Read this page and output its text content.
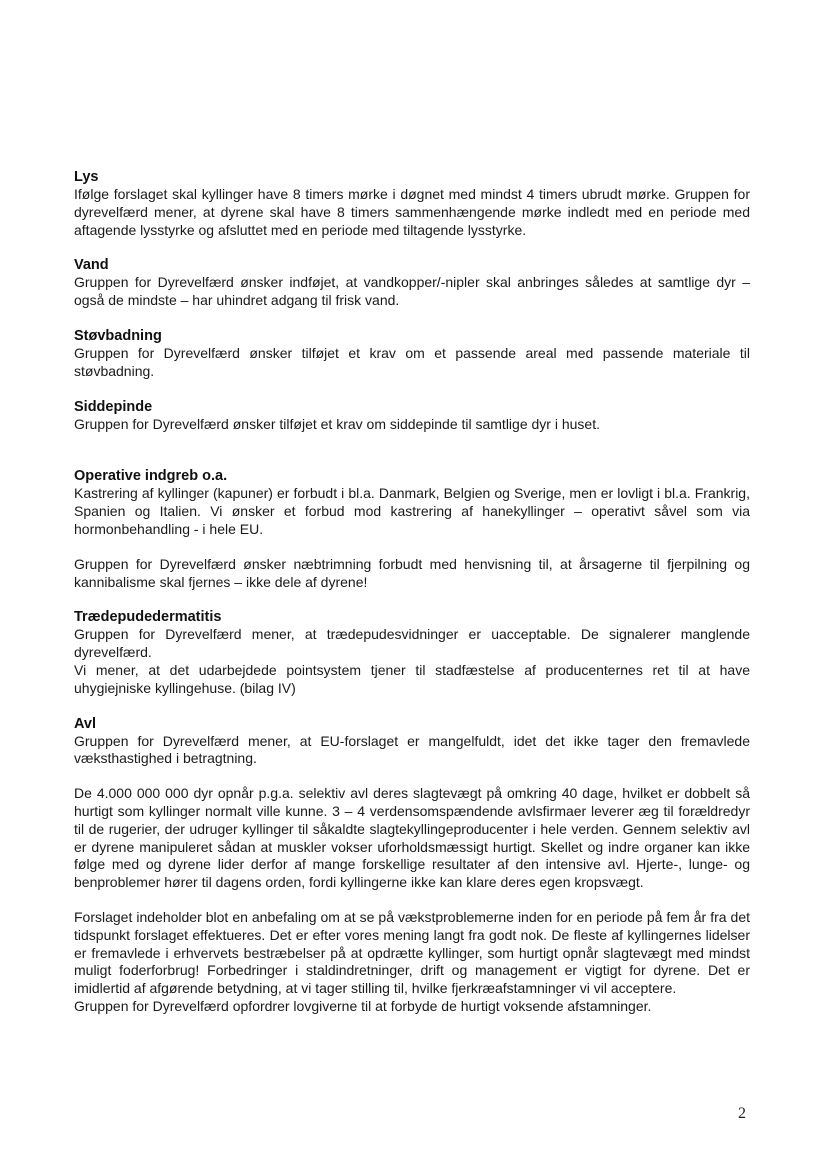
Lys

Ifølge forslaget skal kyllinger have 8 timers mørke i døgnet med mindst 4 timers ubrudt mørke. Gruppen for dyrevelfærd mener, at dyrene skal have 8 timers sammenhængende mørke indledt med en periode med aftagende lysstyrke og afsluttet med en periode med tiltagende lysstyrke.

Vand

Gruppen for Dyrevelfærd ønsker indføjet, at vandkopper/-nipler skal anbringes således at samtlige dyr – også de mindste – har uhindret adgang til frisk vand.

Støvbadning

Gruppen for Dyrevelfærd ønsker tilføjet et krav om et passende areal med passende materiale til støvbadning.

Siddepinde

Gruppen for Dyrevelfærd ønsker tilføjet et krav om siddepinde til samtlige dyr i huset.

Operative indgreb o.a.

Kastrering af kyllinger (kapuner) er forbudt i bl.a. Danmark, Belgien og Sverige, men er lovligt i bl.a. Frankrig, Spanien og Italien. Vi ønsker et forbud mod kastrering af hanekyllinger – operativt såvel som via hormonbehandling - i hele EU.

Gruppen for Dyrevelfærd ønsker næbtrimning forbudt med henvisning til, at årsagerne til fjerpilning og kannibalisme skal fjernes – ikke dele af dyrene!

Trædepudedermatitis

Gruppen for Dyrevelfærd mener, at trædepudesvidninger er uacceptable. De signalerer manglende dyrevelfærd.

Vi mener, at det udarbejdede pointsystem tjener til stadfæstelse af producenternes ret til at have uhygiejniske kyllingehuse. (bilag IV)

Avl

Gruppen for Dyrevelfærd mener, at EU-forslaget er mangelfuldt, idet det ikke tager den fremavlede væksthastighed i betragtning.

De 4.000 000 000 dyr opnår p.g.a. selektiv avl deres slagtevægt på omkring 40 dage, hvilket er dobbelt så hurtigt som kyllinger normalt ville kunne. 3 – 4 verdensomspændende avlsfirmaer leverer æg til forældredyr til de rugerier, der udruger kyllinger til såkaldte slagtekyllingeproducenter i hele verden. Gennem selektiv avl er dyrene manipuleret sådan at muskler vokser uforholdsmæssigt hurtigt. Skellet og indre organer kan ikke følge med og dyrene lider derfor af mange forskellige resultater af den intensive avl. Hjerte-, lunge- og benproblemer hører til dagens orden, fordi kyllingerne ikke kan klare deres egen kropsvægt.

Forslaget indeholder blot en anbefaling om at se på vækstproblemerne inden for en periode på fem år fra det tidspunkt forslaget effektueres. Det er efter vores mening langt fra godt nok. De fleste af kyllingernes lidelser er fremavlede i erhvervets bestræbelser på at opdrætte kyllinger, som hurtigt opnår slagtevægt med mindst muligt foderforbrug! Forbedringer i staldindretninger, drift og management er vigtigt for dyrene. Det er imidlertid af afgørende betydning, at vi tager stilling til, hvilke fjerkræafstamninger vi vil acceptere.

Gruppen for Dyrevelfærd opfordrer lovgiverne til at forbyde de hurtigt voksende afstamninger.

2
